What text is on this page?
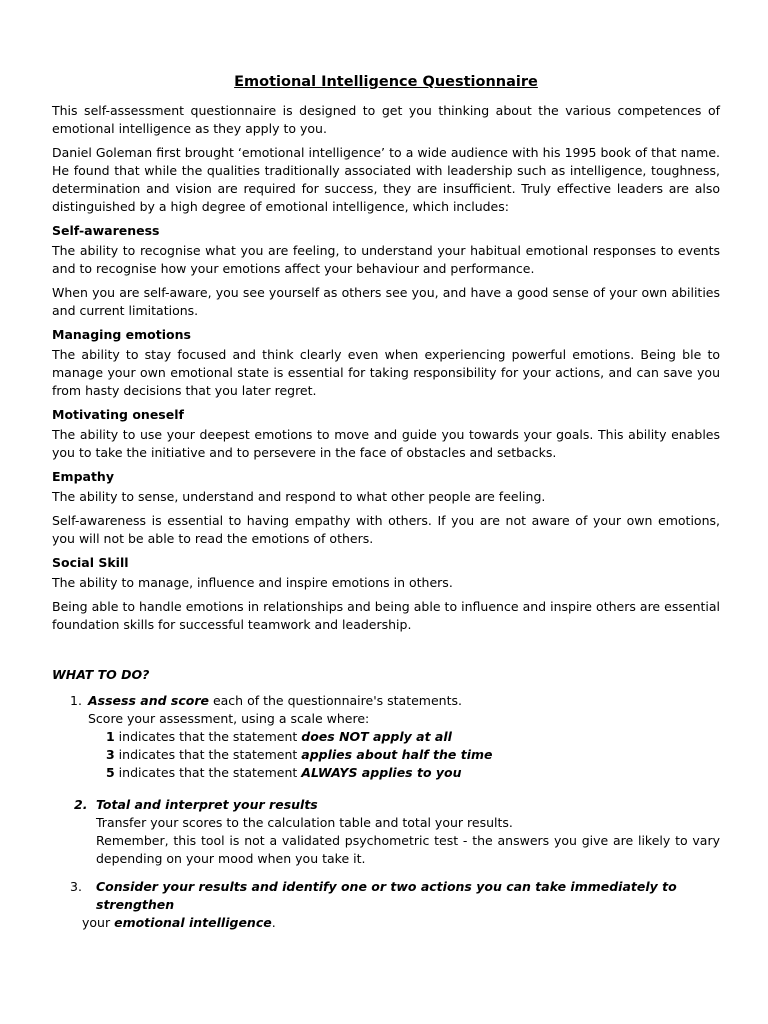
Emotional Intelligence Questionnaire

This self-assessment questionnaire is designed to get you thinking about the various competences of emotional intelligence as they apply to you.

Daniel Goleman first brought ‘emotional intelligence’ to a wide audience with his 1995 book of that name. He found that while the qualities traditionally associated with leadership such as intelligence, toughness, determination and vision are required for success, they are insufficient. Truly effective leaders are also distinguished by a high degree of emotional intelligence, which includes:

Self-awareness

The ability to recognise what you are feeling, to understand your habitual emotional responses to events and to recognise how your emotions affect your behaviour and performance.

When you are self-aware, you see yourself as others see you, and have a good sense of your own abilities and current limitations.

Managing emotions

The ability to stay focused and think clearly even when experiencing powerful emotions. Being ble to manage your own emotional state is essential for taking responsibility for your actions, and can save you from hasty decisions that you later regret.

Motivating oneself

The ability to use your deepest emotions to move and guide you towards your goals. This ability enables you to take the initiative and to persevere in the face of obstacles and setbacks.

Empathy

The ability to sense, understand and respond to what other people are feeling.

Self-awareness is essential to having empathy with others. If you are not aware of your own emotions, you will not be able to read the emotions of others.

Social Skill

The ability to manage, influence and inspire emotions in others.

Being able to handle emotions in relationships and being able to influence and inspire others are essential foundation skills for successful teamwork and leadership.

WHAT TO DO?
1. Assess and score each of the questionnaire's statements.
Score your assessment, using a scale where:
1 indicates that the statement does NOT apply at all
3 indicates that the statement applies about half the time
5 indicates that the statement ALWAYS applies to you
2. Total and interpret your results
Transfer your scores to the calculation table and total your results.

Remember, this tool is not a validated psychometric test - the answers you give are likely to vary depending on your mood when you take it.

3. Consider your results and identify one or two actions you can take immediately to strengthen
your emotional intelligence.
